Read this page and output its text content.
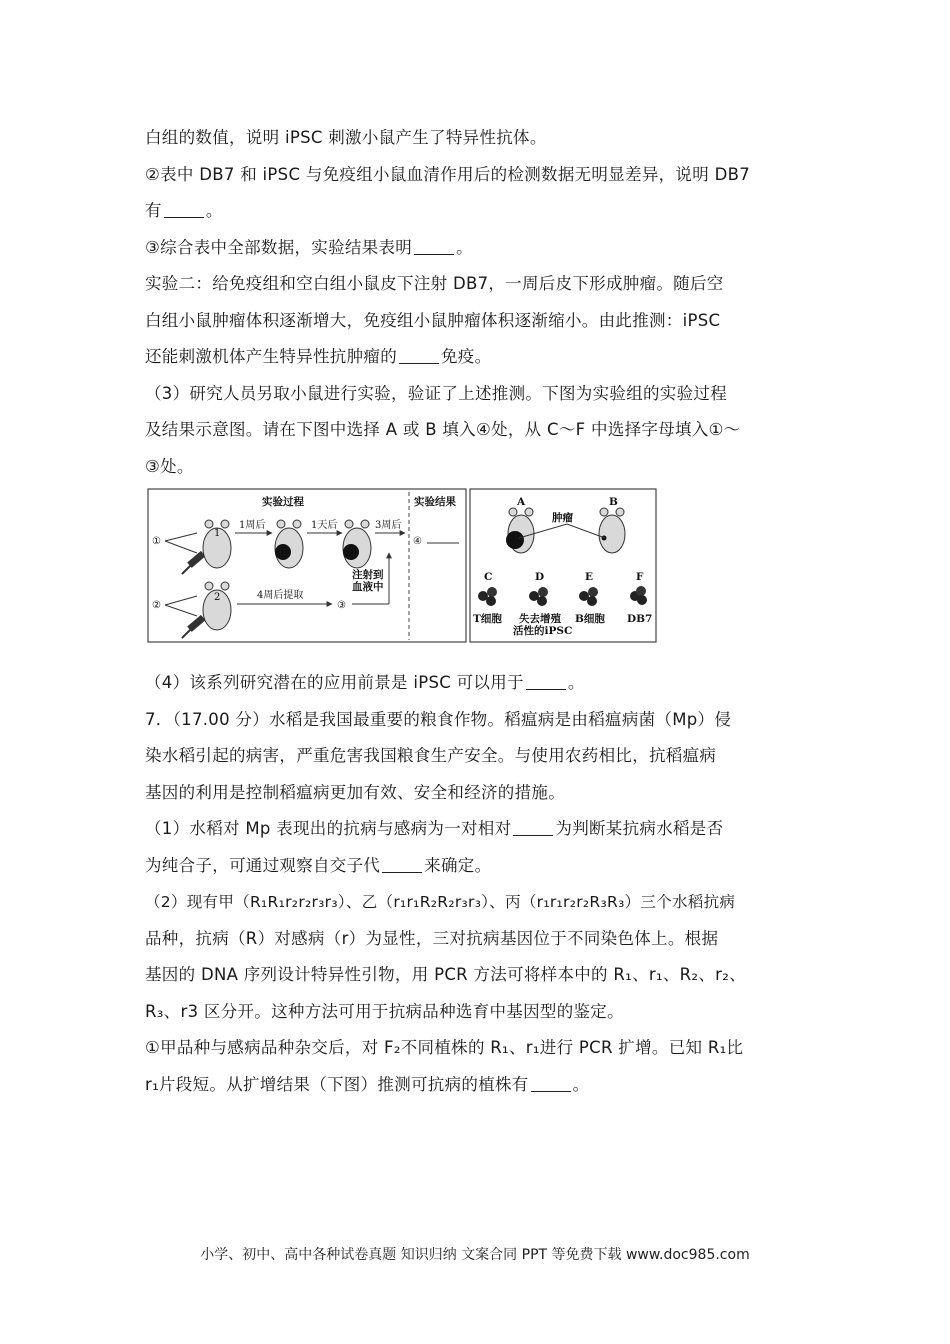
白组的数值，说明 iPSC 刺激小鼠产生了特异性抗体。
②表中 DB7 和 iPSC 与免疫组小鼠血清作用后的检测数据无明显差异，说明 DB7
有	。
③综合表中全部数据，实验结果表明	。
实验二：给免疫组和空白组小鼠皮下注射 DB7，一周后皮下形成肿瘤。随后空
白组小鼠肿瘤体积逐渐增大，免疫组小鼠肿瘤体积逐渐缩小。由此推测：iPSC
还能刺激机体产生特异性抗肿瘤的	免疫。
（3）研究人员另取小鼠进行实验，验证了上述推测。下图为实验组的实验过程
及结果示意图。请在下图中选择 A 或 B 填入④处，从 C～F 中选择字母填入①～
③处。
实验过程	实验结果
①
1
1周后	1天后	3周后
④
②
2	4周后提取
③
注射到
血液中
A	B
肿瘤
C	D	E	F
T细胞 失去增殖
活性的iPSC
B细胞 DB7
（4）该系列研究潜在的应用前景是 iPSC 可以用于	。
7．（17.00 分）水稻是我国最重要的粮食作物。稻瘟病是由稻瘟病菌（Mp）侵
染水稻引起的病害，严重危害我国粮食生产安全。与使用农药相比，抗稻瘟病
基因的利用是控制稻瘟病更加有效、安全和经济的措施。
（1）水稻对 Mp 表现出的抗病与感病为一对相对	为判断某抗病水稻是否
为纯合子，可通过观察自交子代	来确定。
（2）现有甲（R₁R₁r₂r₂r₃r₃）、乙（r₁r₁R₂R₂r₃r₃）、丙（r₁r₁r₂r₂R₃R₃）三个水稻抗病
品种，抗病（R）对感病（r）为显性，三对抗病基因位于不同染色体上。根据
基因的 DNA 序列设计特异性引物，用 PCR 方法可将样本中的 R₁、r₁、R₂、r₂、
R₃、r3 区分开。这种方法可用于抗病品种选育中基因型的鉴定。
①甲品种与感病品种杂交后，对 F₂不同植株的 R₁、r₁进行 PCR 扩增。已知 R₁比
r₁片段短。从扩增结果（下图）推测可抗病的植株有	。
小学、初中、高中各种试卷真题 知识归纳 文案合同 PPT 等免费下载 www.doc985.com
